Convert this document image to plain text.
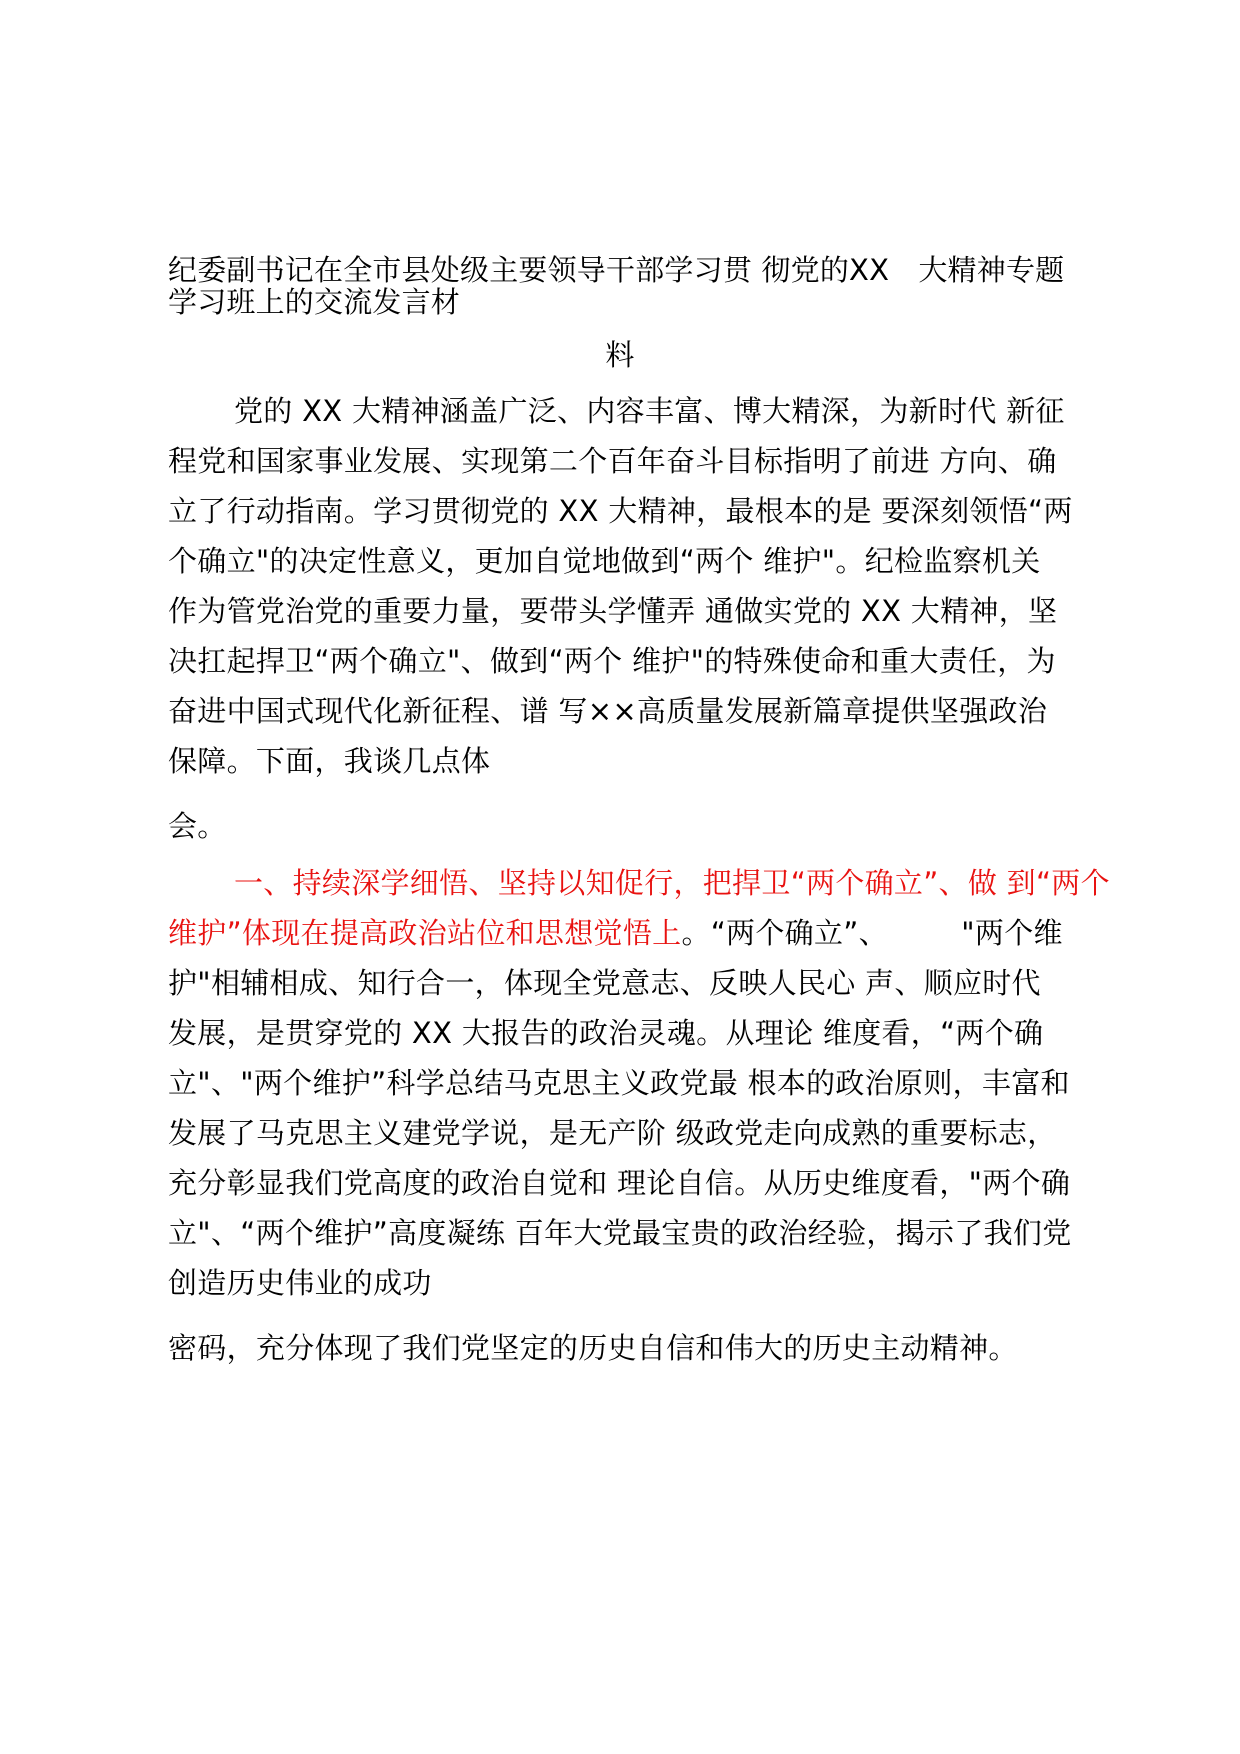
纪委副书记在全市县处级主要领导干部学习贯 彻党的XX　大精神专题
学习班上的交流发言材
料
党的 XX 大精神涵盖广泛、内容丰富、博大精深，为新时代 新征
程党和国家事业发展、实现第二个百年奋斗目标指明了前进 方向、确
立了行动指南。学习贯彻党的 XX 大精神，最根本的是 要深刻领悟“两
个确立"的决定性意义，更加自觉地做到“两个 维护"。纪检监察机关
作为管党治党的重要力量，要带头学懂弄 通做实党的 XX 大精神，坚
决扛起捍卫“两个确立"、做到“两个 维护"的特殊使命和重大责任，为
奋进中国式现代化新征程、谱 写××高质量发展新篇章提供坚强政治
保障。下面，我谈几点体
会。
一、持续深学细悟、坚持以知促行，把捍卫“两个确立”、做 到“两个
维护”体现在提高政治站位和思想觉悟上。“两个确立”、　　　"两个维
护"相辅相成、知行合一，体现全党意志、反映人民心 声、顺应时代
发展，是贯穿党的 XX 大报告的政治灵魂。从理论 维度看，“两个确
立"、"两个维护”科学总结马克思主义政党最 根本的政治原则，丰富和
发展了马克思主义建党学说，是无产阶 级政党走向成熟的重要标志，
充分彰显我们党高度的政治自觉和 理论自信。从历史维度看，"两个确
立"、“两个维护”高度凝练 百年大党最宝贵的政治经验，揭示了我们党
创造历史伟业的成功
密码，充分体现了我们党坚定的历史自信和伟大的历史主动精神。
